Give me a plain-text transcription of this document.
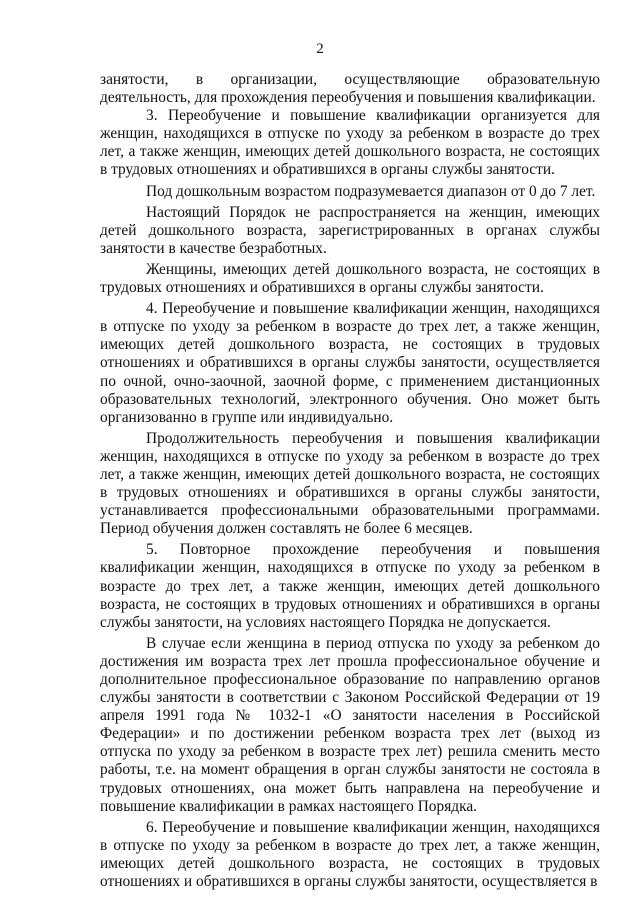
2

занятости, в организации, осуществляющие образовательную деятельность, для прохождения переобучения и повышения квалификации.

3. Переобучение и повышение квалификации организуется для женщин, находящихся в отпуске по уходу за ребенком в возрасте до трех лет, а также женщин, имеющих детей дошкольного возраста, не состоящих в трудовых отношениях и обратившихся в органы службы занятости.

Под дошкольным возрастом подразумевается диапазон от 0 до 7 лет.

Настоящий Порядок не распространяется на женщин, имеющих детей дошкольного возраста, зарегистрированных в органах службы занятости в качестве безработных.

Женщины, имеющих детей дошкольного возраста, не состоящих в трудовых отношениях и обратившихся в органы службы занятости.

4. Переобучение и повышение квалификации женщин, находящихся в отпуске по уходу за ребенком в возрасте до трех лет, а также женщин, имеющих детей дошкольного возраста, не состоящих в трудовых отношениях и обратившихся в органы службы занятости, осуществляется по очной, очно-заочной, заочной форме, с применением дистанционных образовательных технологий, электронного обучения. Оно может быть организованно в группе или индивидуально.

Продолжительность переобучения и повышения квалификации женщин, находящихся в отпуске по уходу за ребенком в возрасте до трех лет, а также женщин, имеющих детей дошкольного возраста, не состоящих в трудовых отношениях и обратившихся в органы службы занятости, устанавливается профессиональными образовательными программами. Период обучения должен составлять не более 6 месяцев.

5. Повторное прохождение переобучения и повышения квалификации женщин, находящихся в отпуске по уходу за ребенком в возрасте до трех лет, а также женщин, имеющих детей дошкольного возраста, не состоящих в трудовых отношениях и обратившихся в органы службы занятости, на условиях настоящего Порядка не допускается.

В случае если женщина в период отпуска по уходу за ребенком до достижения им возраста трех лет прошла профессиональное обучение и дополнительное профессиональное образование по направлению органов службы занятости в соответствии с Законом Российской Федерации от 19 апреля 1991 года № 1032-1 «О занятости населения в Российской Федерации» и по достижении ребенком возраста трех лет (выход из отпуска по уходу за ребенком в возрасте трех лет) решила сменить место работы, т.е. на момент обращения в орган службы занятости не состояла в трудовых отношениях, она может быть направлена на переобучение и повышение квалификации в рамках настоящего Порядка.

6. Переобучение и повышение квалификации женщин, находящихся в отпуске по уходу за ребенком в возрасте до трех лет, а также женщин, имеющих детей дошкольного возраста, не состоящих в трудовых отношениях и обратившихся в органы службы занятости, осуществляется в
